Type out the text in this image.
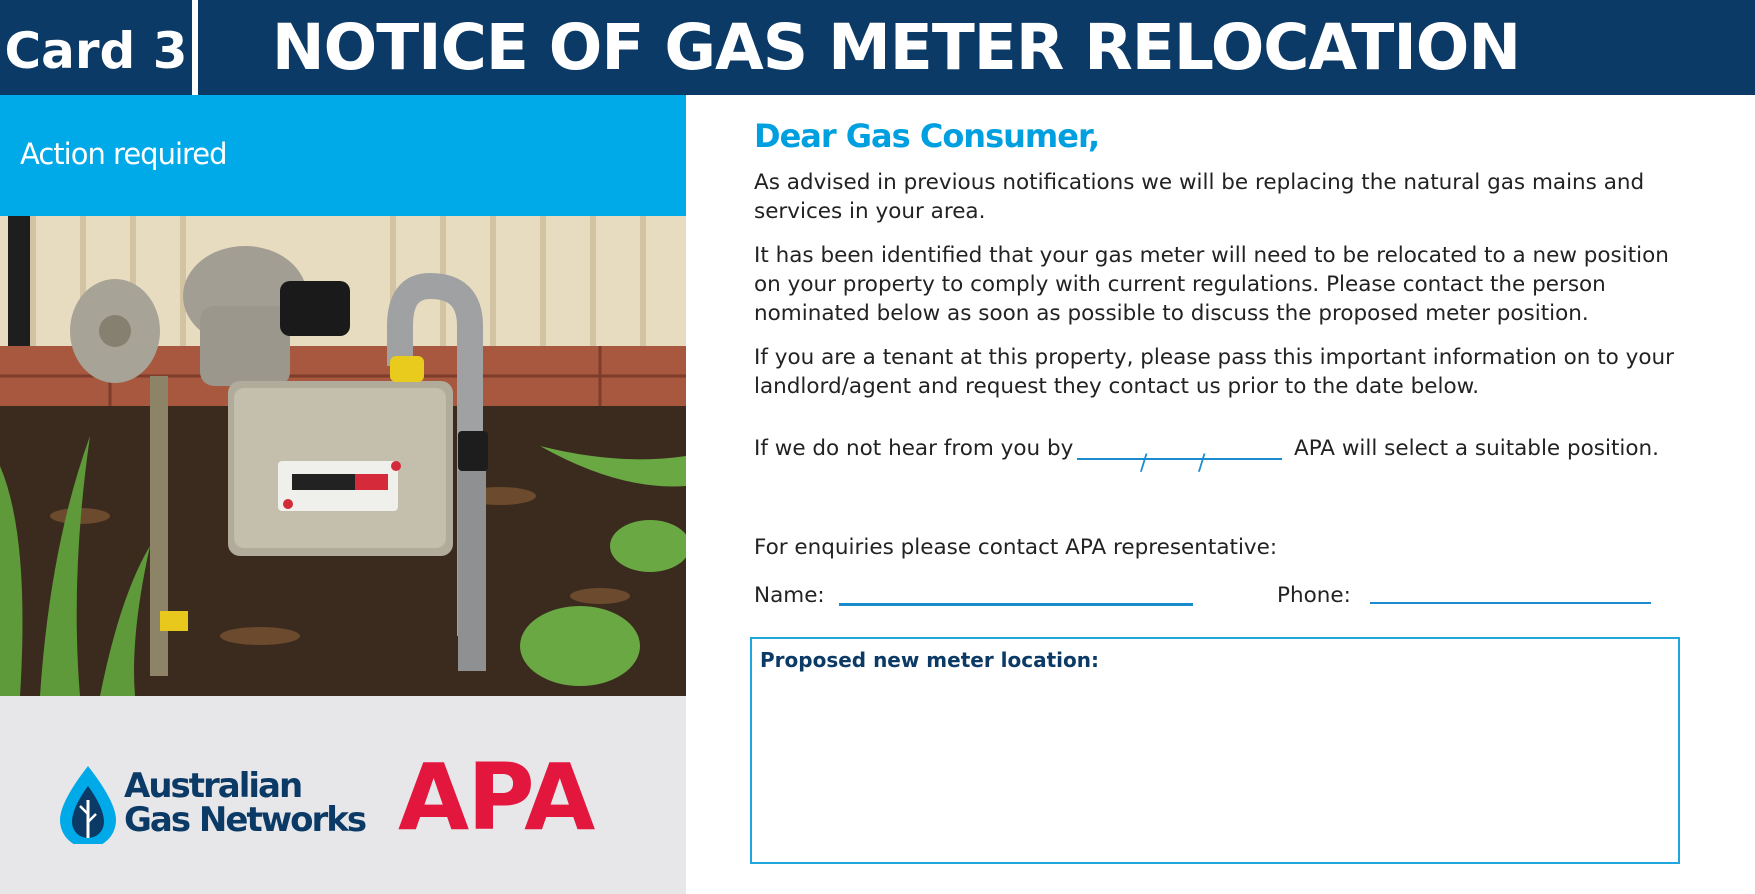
Card 3	NOTICE OF GAS METER RELOCATION
Action required
Australian
Gas Networks APA
Dear Gas Consumer,
As advised in previous notifications we will be replacing the natural gas mains and services in your area.
It has been identified that your gas meter will need to be relocated to a new position on your property to comply with current regulations. Please contact the person nominated below as soon as possible to discuss the proposed meter position.
If you are a tenant at this property, please pass this important information on to your landlord/agent and request they contact us prior to the date below.
If we do not hear from you by
/ /
APA will select a suitable position.
For enquiries please contact APA representative:
Name:	Phone:
Proposed new meter location:
